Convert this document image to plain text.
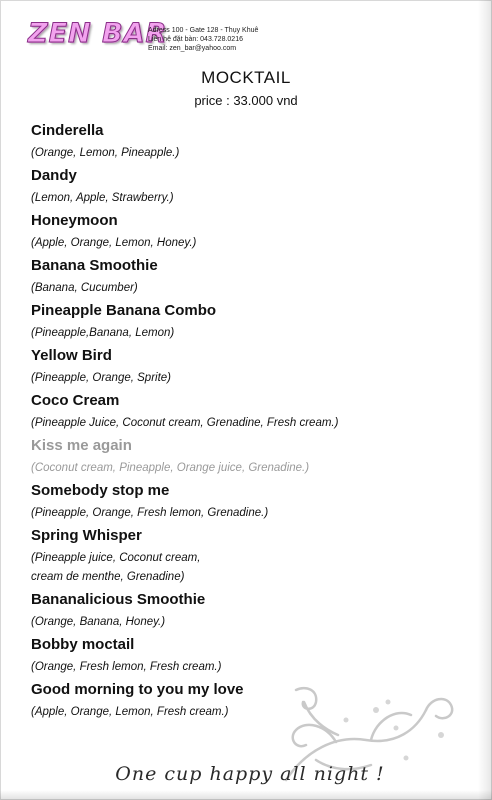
ZEN BAR
Adress 100 - Gate 128 - Thụy Khuê
Liên hệ đặt bàn: 043.728.0216
Email: zen_bar@yahoo.com
MOCKTAIL
price : 33.000 vnd
Cinderella
(Orange, Lemon, Pineapple.)
Dandy
(Lemon, Apple, Strawberry.)
Honeymoon
(Apple, Orange, Lemon, Honey.)
Banana Smoothie
(Banana, Cucumber)
Pineapple Banana Combo
(Pineapple,Banana, Lemon)
Yellow Bird
(Pineapple, Orange, Sprite)
Coco Cream
(Pineapple Juice, Coconut cream, Grenadine, Fresh cream.)
Kiss me again
(Coconut cream, Pineapple, Orange juice, Grenadine.)
Somebody stop me
(Pineapple, Orange, Fresh lemon, Grenadine.)
Spring Whisper
(Pineapple juice, Coconut cream,
cream de menthe, Grenadine)
Bananalicious Smoothie
(Orange, Banana, Honey.)
Bobby moctail
(Orange, Fresh lemon, Fresh cream.)
Good morning to you my love
(Apple, Orange, Lemon, Fresh cream.)
One cup happy all night !
